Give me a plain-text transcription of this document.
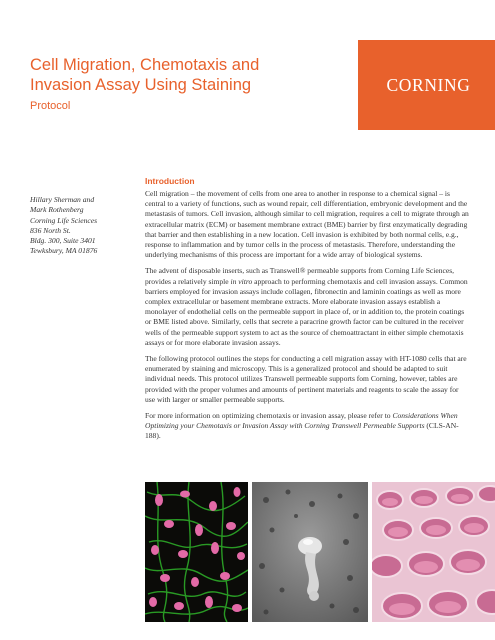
Cell Migration, Chemotaxis and
Invasion Assay Using Staining
Protocol
CORNING
Hillary Sherman and
Mark Rothenberg
Corning Life Sciences
836 North St.
Bldg. 300, Suite 3401
Tewksbury, MA 01876
Introduction

Cell migration – the movement of cells from one area to another in response to a chemical signal – is central to a variety of functions, such as wound repair, cell differentiation, embryonic development and the metastasis of tumors. Cell invasion, although similar to cell migration, requires a cell to migrate through an extracellular matrix (ECM) or basement membrane extract (BME) barrier by first enzymatically degrading that barrier and then establishing in a new location. Cell invasion is exhibited by both normal cells, e.g., response to inflammation and by tumor cells in the process of metastasis. Therefore, understanding the underlying mechanisms of this process are important for a wide array of biological systems.

The advent of disposable inserts, such as Transwell® permeable supports from Corning Life Sciences, provides a relatively simple in vitro approach to performing chemotaxis and cell invasion assays. Common barriers employed for invasion assays include collagen, fibronectin and laminin coatings as well as more complex extracellular or basement membrane extracts. More elaborate invasion assays establish a monolayer of endothelial cells on the permeable support in place of, or in addition to, the protein coatings or BME listed above. Similarly, cells that secrete a paracrine growth factor can be cultured in the receiver wells of the permeable support system to act as the source of chemoattractant in either simple chemotaxis assays or for more elaborate invasion assays.

The following protocol outlines the steps for conducting a cell migration assay with HT-1080 cells that are enumerated by staining and microscopy. This is a generalized protocol and should be adapted to suit individual needs. This protocol utilizes Transwell permeable supports fom Corning, however, tables are provided with the proper volumes and amounts of pertinent materials and reagents to scale the assay for use with larger or smaller permeable supports.

For more information on optimizing chemotaxis or invasion assay, please refer to Considerations When Optimizing your Chemotaxis or Invasion Assay with Corning Transwell Permeable Supports (CLS-AN-188).
